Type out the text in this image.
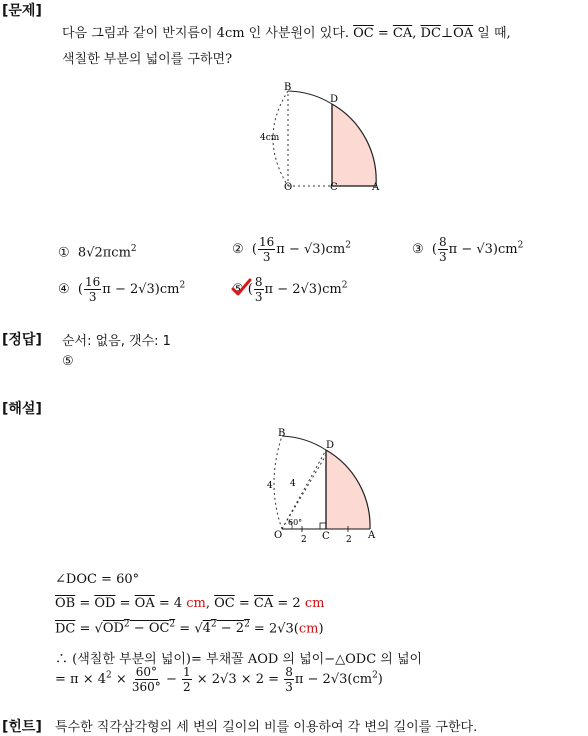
[문제]
다음 그림과 같이 반지름이 4cm 인 사분원이 있다. $\overline{OC} = \overline{CA}$, $\overline{DC}\perp\overline{OA}$ 일 때,
색칠한 부분의 넓이를 구하면?
B
D
O	C	A
4cm
①  8√2πcm$^2$	②  ( $\frac{16}{3}$ $\pi - √3)cm^2$	③  ( $\frac{8}{3}$ $\pi - √3)cm^2$
④  ( $\frac{16}{3}$ $\pi - 2√3)cm^2$	⑤
( $\frac{8}{3}$ $\pi - 2√3)cm^2$
[정답] 순서: 없음, 갯수: 1
⑤
[해설]
B
D
O	C	A
4 4
60°
2	2
∠DOC = 60°
$\overline{OB} = \overline{OD} = \overline{OA} = 4$ cm, $\overline{OC} = \overline{CA} = 2$ cm
$\overline{DC} = √OD^2 - OC^2 = √4^2 - 2^2 = 2√3(cm)$
∴ (색칠한 부분의 넓이)= 부채꼴 AOD 의 넓이−△ODC 의 넓이
= $\pi \times 4^2 \times \frac{60^\circ}{360^\circ} - \frac{1}{2} \times 2√3 \times 2 = \frac{8}{3}$ $\pi - 2√3(cm^2)$
[힌트] 특수한 직각삼각형의 세 변의 길이의 비를 이용하여 각 변의 길이를 구한다.
